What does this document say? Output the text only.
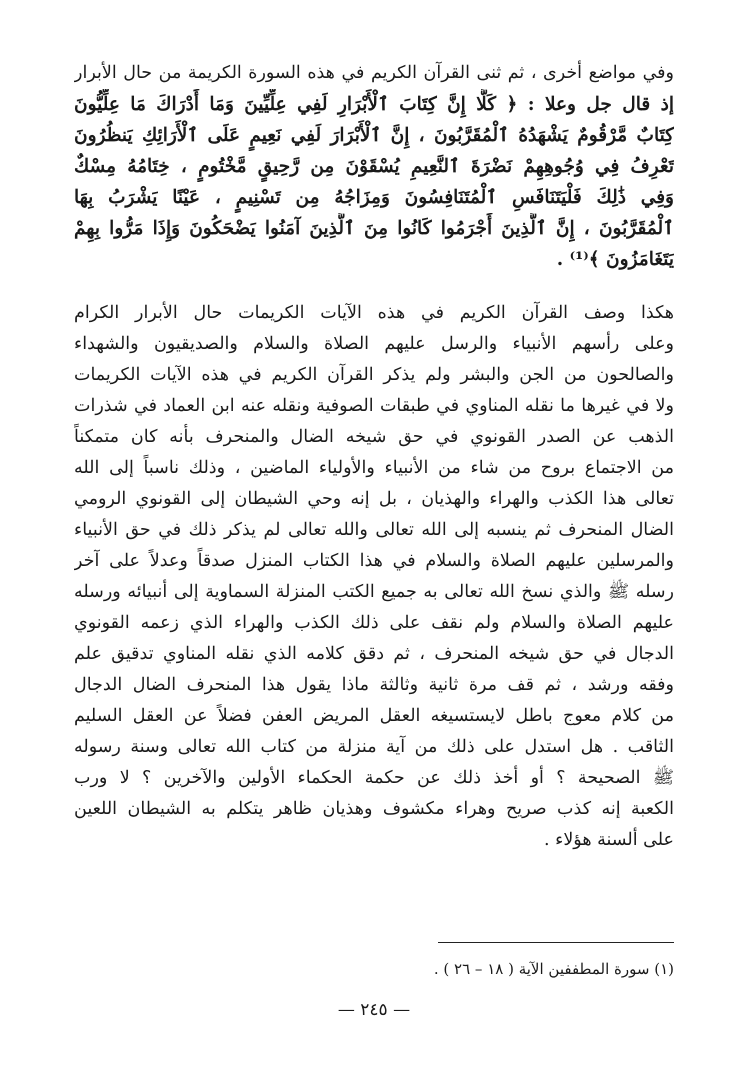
وفي مواضع أخرى ، ثم ثنى القرآن الكريم في هذه السورة الكريمة من حال الأبرار
إذ قال جل وعلا : ﴿ كَلَّا إِنَّ كِتَابَ ٱلْأَبْرَارِ لَفِي عِلِّيِّينَ وَمَا أَدْرَاكَ مَا عِلِّيُّونَ
كِتَابٌ مَّرْقُومٌ يَشْهَدُهُ ٱلْمُقَرَّبُونَ ، إِنَّ ٱلْأَبْرَارَ لَفِي نَعِيمٍ عَلَى ٱلْأَرَائِكِ يَنظُرُونَ
تَعْرِفُ فِي وُجُوهِهِمْ نَضْرَةَ ٱلنَّعِيمِ يُسْقَوْنَ مِن رَّحِيقٍ مَّخْتُومٍ ، خِتَامُهُ مِسْكٌ
وَفِي ذَٰلِكَ فَلْيَتَنَافَسِ ٱلْمُتَنَافِسُونَ وَمِزَاجُهُ مِن تَسْنِيمٍ ، عَيْنًا يَشْرَبُ بِهَا
ٱلْمُقَرَّبُونَ ، إِنَّ ٱلَّذِينَ أَجْرَمُوا كَانُوا مِنَ ٱلَّذِينَ آمَنُوا يَضْحَكُونَ وَإِذَا مَرُّوا بِهِمْ
يَتَغَامَزُونَ ﴾⁽¹⁾ .
هكذا وصف القرآن الكريم في هذه الآيات الكريمات حال الأبرار الكرام
وعلى رأسهم الأنبياء والرسل عليهم الصلاة والسلام والصديقيون والشهداء
والصالحون من الجن والبشر ولم يذكر القرآن الكريم في هذه الآيات الكريمات
ولا في غيرها ما نقله المناوي في طبقات الصوفية ونقله عنه ابن العماد في شذرات
الذهب عن الصدر القونوي في حق شيخه الضال والمنحرف بأنه كان متمكناً
من الاجتماع بروح من شاء من الأنبياء والأولياء الماضين ، وذلك ناسباً إلى الله
تعالى هذا الكذب والهراء والهذيان ، بل إنه وحي الشيطان إلى القونوي الرومي
الضال المنحرف ثم ينسبه إلى الله تعالى والله تعالى لم يذكر ذلك في حق الأنبياء
والمرسلين عليهم الصلاة والسلام في هذا الكتاب المنزل صدقاً وعدلاً على آخر
رسله ﷺ والذي نسخ الله تعالى به جميع الكتب المنزلة السماوية إلى أنبيائه ورسله
عليهم الصلاة والسلام ولم نقف على ذلك الكذب والهراء الذي زعمه القونوي
الدجال في حق شيخه المنحرف ، ثم دقق كلامه الذي نقله المناوي تدقيق علم
وفقه ورشد ، ثم قف مرة ثانية وثالثة ماذا يقول هذا المنحرف الضال الدجال
من كلام معوج باطل لايستسيغه العقل المريض العفن فضلاً عن العقل السليم
الثاقب . هل استدل على ذلك من آية منزلة من كتاب الله تعالى وسنة رسوله
ﷺ الصحيحة ؟ أو أخذ ذلك عن حكمة الحكماء الأولين والآخرين ؟ لا ورب
الكعبة إنه كذب صريح وهراء مكشوف وهذيان ظاهر يتكلم به الشيطان اللعين
على ألسنة هؤلاء .
(١) سورة المطففين الآية ( ١٨ – ٢٦ ) .
— ٢٤٥ —
